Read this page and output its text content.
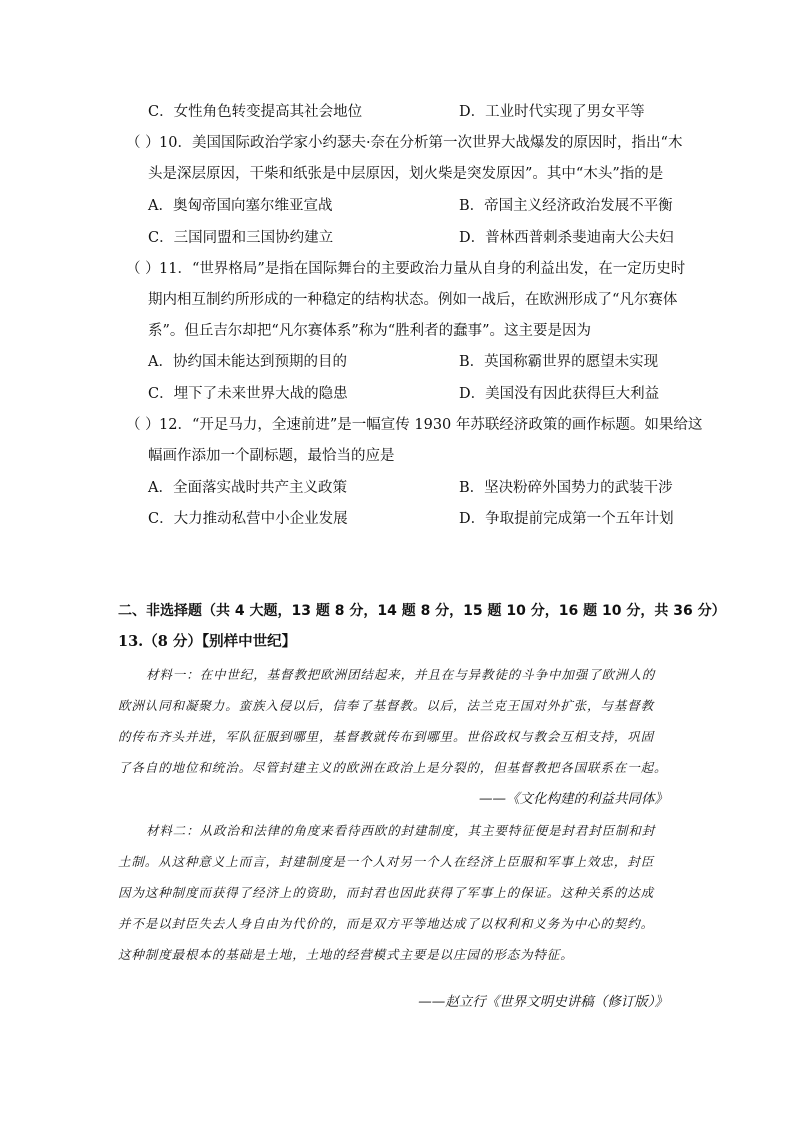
C．女性角色转变提高其社会地位	D．工业时代实现了男女平等
（ ） 10．美国国际政治学家小约瑟夫·奈在分析第一次世界大战爆发的原因时，指出“木
头是深层原因，干柴和纸张是中层原因，划火柴是突发原因”。其中“木头”指的是
A．奥匈帝国向塞尔维亚宣战	B．帝国主义经济政治发展不平衡
C．三国同盟和三国协约建立	D．普林西普刺杀斐迪南大公夫妇
（ ） 11．“世界格局”是指在国际舞台的主要政治力量从自身的利益出发，在一定历史时
期内相互制约所形成的一种稳定的结构状态。例如一战后，在欧洲形成了“凡尔赛体
系”。但丘吉尔却把“凡尔赛体系”称为“胜利者的蠢事”。这主要是因为
A．协约国未能达到预期的目的	B．英国称霸世界的愿望未实现
C．埋下了未来世界大战的隐患	D．美国没有因此获得巨大利益
（ ） 12．“开足马力，全速前进”是一幅宣传 1930 年苏联经济政策的画作标题。如果给这
幅画作添加一个副标题，最恰当的应是
A．全面落实战时共产主义政策	B．坚决粉碎外国势力的武装干涉
C．大力推动私营中小企业发展	D．争取提前完成第一个五年计划
二、非选择题（共 4 大题，13 题 8 分，14 题 8 分，15 题 10 分，16 题 10 分，共 36 分）
13.（8 分）【别样中世纪】
材料一：在中世纪，基督教把欧洲团结起来，并且在与异教徒的斗争中加强了欧洲人的
欧洲认同和凝聚力。蛮族入侵以后，信奉了基督教。以后，法兰克王国对外扩张，与基督教
的传布齐头并进，军队征服到哪里，基督教就传布到哪里。世俗政权与教会互相支持，巩固
了各自的地位和统治。尽管封建主义的欧洲在政治上是分裂的，但基督教把各国联系在一起。
——《文化构建的利益共同体》
材料二：从政治和法律的角度来看待西欧的封建制度，其主要特征便是封君封臣制和封
土制。从这种意义上而言，封建制度是一个人对另一个人在经济上臣服和军事上效忠，封臣
因为这种制度而获得了经济上的资助，而封君也因此获得了军事上的保证。这种关系的达成
并不是以封臣失去人身自由为代价的，而是双方平等地达成了以权利和义务为中心的契约。
这种制度最根本的基础是土地，土地的经营模式主要是以庄园的形态为特征。
——赵立行《世界文明史讲稿（修订版）》
